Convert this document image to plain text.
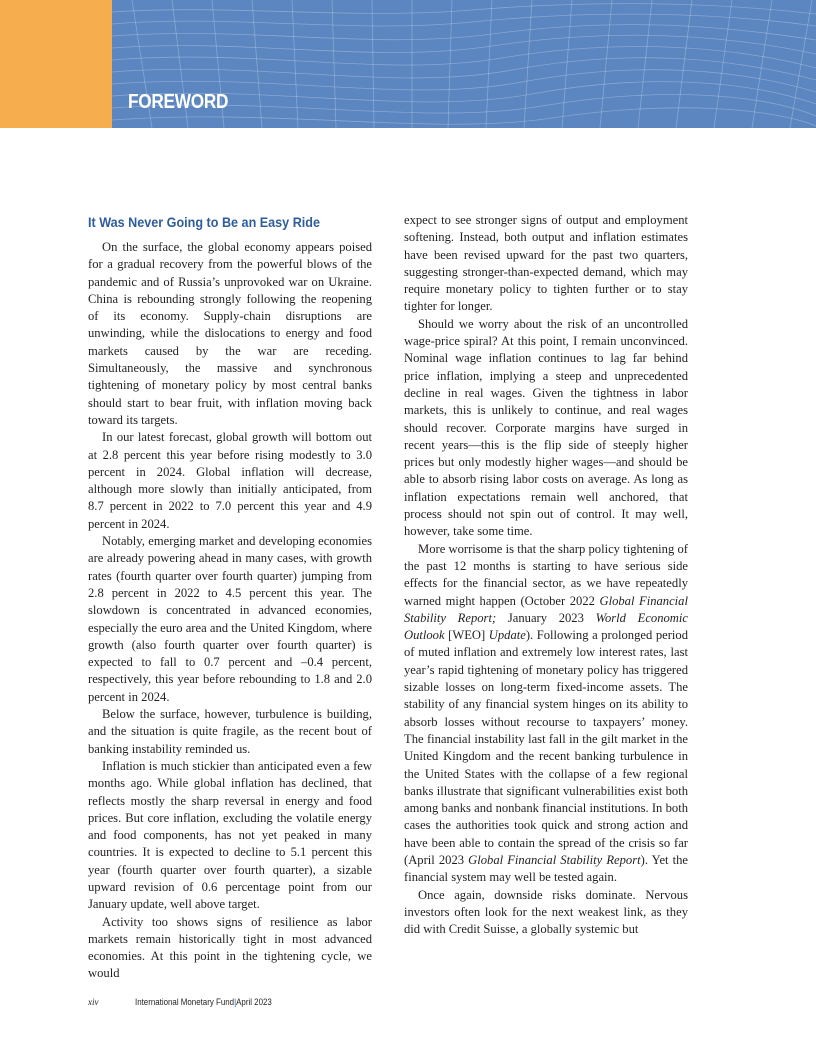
FOREWORD
It Was Never Going to Be an Easy Ride

On the surface, the global economy appears poised for a gradual recovery from the powerful blows of the pandemic and of Russia’s unprovoked war on Ukraine. China is rebounding strongly following the reopening of its economy. Supply-chain disruptions are unwinding, while the dislocations to energy and food markets caused by the war are receding. Simultaneously, the massive and synchronous tightening of monetary policy by most central banks should start to bear fruit, with inflation moving back toward its targets.

In our latest forecast, global growth will bottom out at 2.8 percent this year before rising modestly to 3.0 percent in 2024. Global inflation will decrease, although more slowly than initially anticipated, from 8.7 percent in 2022 to 7.0 percent this year and 4.9 percent in 2024.

Notably, emerging market and developing economies are already powering ahead in many cases, with growth rates (fourth quarter over fourth quarter) jumping from 2.8 percent in 2022 to 4.5 percent this year. The slowdown is concentrated in advanced economies, especially the euro area and the United Kingdom, where growth (also fourth quarter over fourth quarter) is expected to fall to 0.7 percent and –0.4 percent, respectively, this year before rebounding to 1.8 and 2.0 percent in 2024.

Below the surface, however, turbulence is building, and the situation is quite fragile, as the recent bout of banking instability reminded us.

Inflation is much stickier than anticipated even a few months ago. While global inflation has declined, that reflects mostly the sharp reversal in energy and food prices. But core inflation, excluding the volatile energy and food components, has not yet peaked in many countries. It is expected to decline to 5.1 percent this year (fourth quarter over fourth quarter), a sizable upward revision of 0.6 percentage point from our January update, well above target.

Activity too shows signs of resilience as labor markets remain historically tight in most advanced economies. At this point in the tightening cycle, we would

expect to see stronger signs of output and employment softening. Instead, both output and inflation estimates have been revised upward for the past two quarters, suggesting stronger-than-expected demand, which may require monetary policy to tighten further or to stay tighter for longer.

Should we worry about the risk of an uncontrolled wage-price spiral? At this point, I remain unconvinced. Nominal wage inflation continues to lag far behind price inflation, implying a steep and unprecedented decline in real wages. Given the tightness in labor markets, this is unlikely to continue, and real wages should recover. Corporate margins have surged in recent years—this is the flip side of steeply higher prices but only modestly higher wages—and should be able to absorb rising labor costs on average. As long as inflation expectations remain well anchored, that process should not spin out of control. It may well, however, take some time.

More worrisome is that the sharp policy tightening of the past 12 months is starting to have serious side effects for the financial sector, as we have repeatedly warned might happen (October 2022 Global Financial Stability Report; January 2023 World Economic Outlook [WEO] Update). Following a prolonged period of muted inflation and extremely low interest rates, last year’s rapid tightening of monetary policy has triggered sizable losses on long-term fixed-income assets. The stability of any financial system hinges on its ability to absorb losses without recourse to taxpayers’ money. The financial instability last fall in the gilt market in the United Kingdom and the recent banking turbulence in the United States with the collapse of a few regional banks illustrate that significant vulnerabilities exist both among banks and nonbank financial institutions. In both cases the authorities took quick and strong action and have been able to contain the spread of the crisis so far (April 2023 Global Financial Stability Report). Yet the financial system may well be tested again.

Once again, downside risks dominate. Nervous investors often look for the next weakest link, as they did with Credit Suisse, a globally systemic but

xiv	International Monetary Fund|April 2023
